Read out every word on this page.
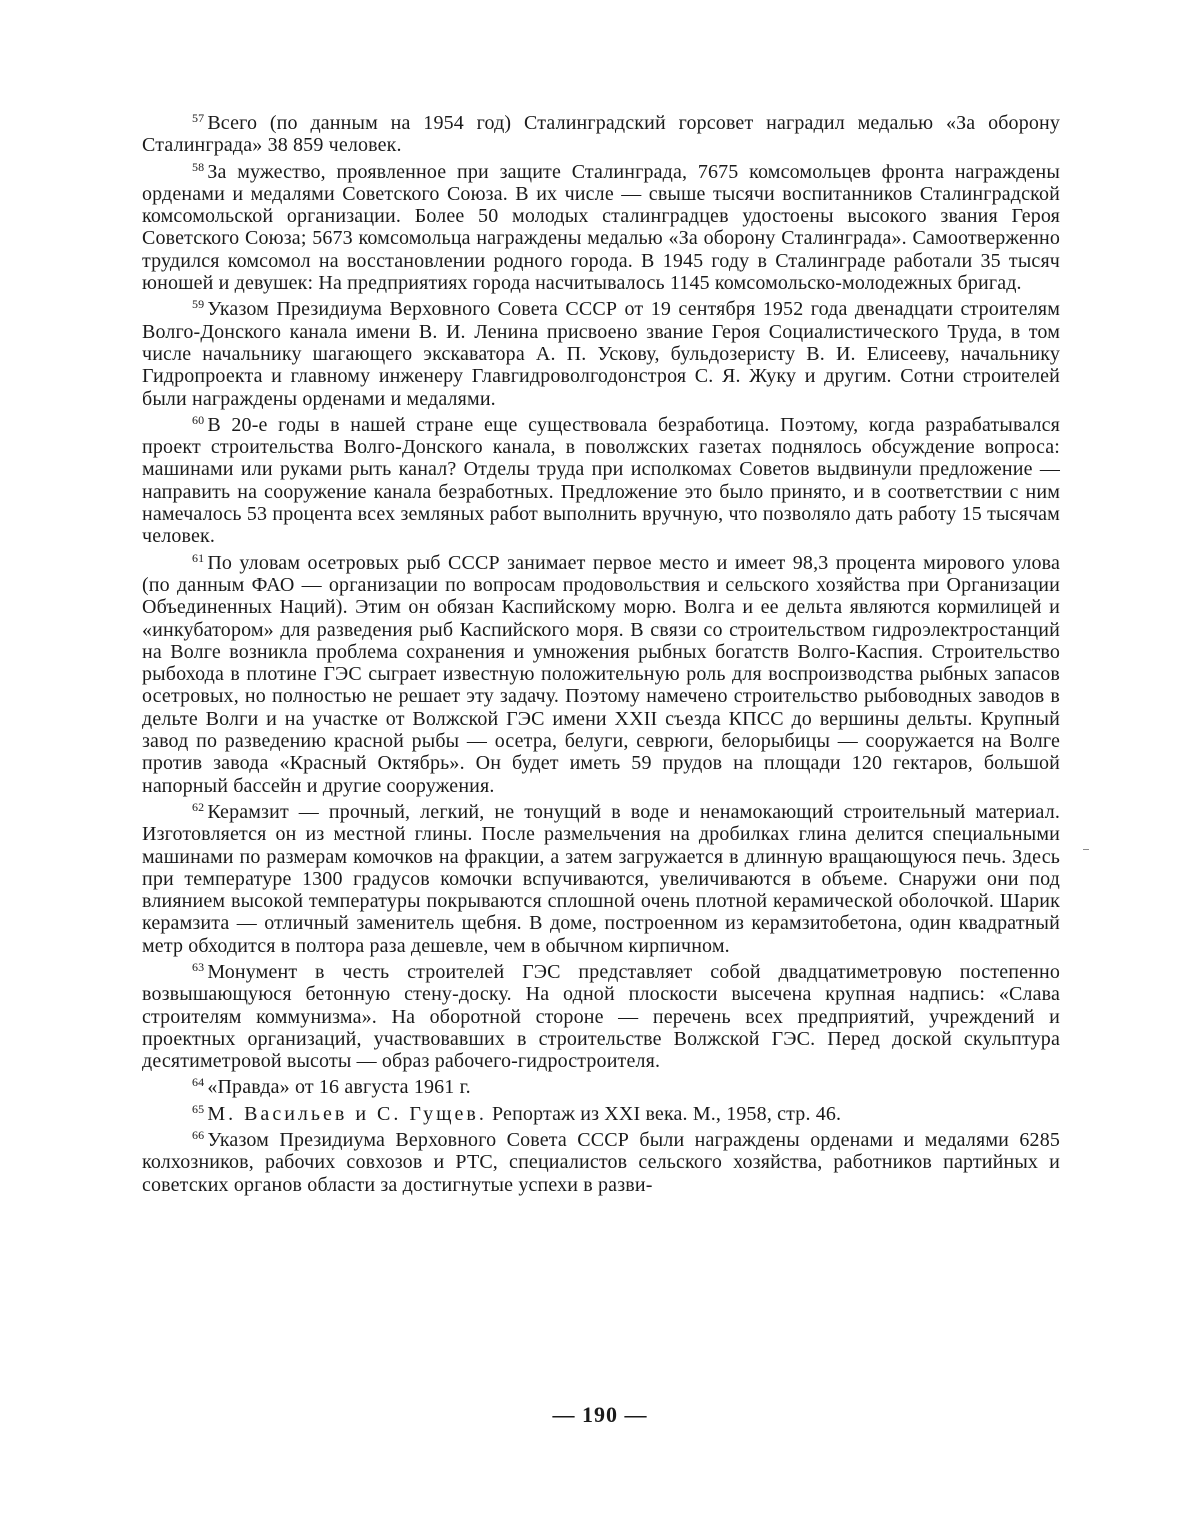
$^{57}$ Всего (по данным на 1954 год) Сталинградский горсовет наградил медалью «За оборону Сталинграда» 38 859 человек.

$^{58}$ За мужество, проявленное при защите Сталинграда, 7675 комсомольцев фронта награждены орденами и медалями Советского Союза. В их числе — свыше тысячи воспитанников Сталинградской комсомольской организации. Более 50 молодых сталинградцев удостоены высокого звания Героя Советского Союза; 5673 комсомольца награждены медалью «За оборону Сталинграда». Самоотверженно трудился комсомол на восстановлении родного города. В 1945 году в Сталинграде работали 35 тысяч юношей и девушек: На предприятиях города насчитывалось 1145 комсомольско-молодежных бригад.

$^{59}$ Указом Президиума Верховного Совета СССР от 19 сентября 1952 года двенадцати строителям Волго-Донского канала имени В. И. Ленина присвоено звание Героя Социалистического Труда, в том числе начальнику шагающего экскаватора А. П. Ускову, бульдозеристу В. И. Елисееву, начальнику Гидропроекта и главному инженеру Главгидроволгодонстроя С. Я. Жуку и другим. Сотни строителей были награждены орденами и медалями.

$^{60}$ В 20-е годы в нашей стране еще существовала безработица. Поэтому, когда разрабатывался проект строительства Волго-Донского канала, в поволжских газетах поднялось обсуждение вопроса: машинами или руками рыть канал? Отделы труда при исполкомах Советов выдвинули предложение — направить на сооружение канала безработных. Предложение это было принято, и в соответствии с ним намечалось 53 процента всех земляных работ выполнить вручную, что позволяло дать работу 15 тысячам человек.

$^{61}$ По уловам осетровых рыб СССР занимает первое место и имеет 98,3 процента мирового улова (по данным ФАО — организации по вопросам продовольствия и сельского хозяйства при Организации Объединенных Наций). Этим он обязан Каспийскому морю. Волга и ее дельта являются кормилицей и «инкубатором» для разведения рыб Каспийского моря. В связи со строительством гидроэлектростанций на Волге возникла проблема сохранения и умножения рыбных богатств Волго-Каспия. Строительство рыбохода в плотине ГЭС сыграет известную положительную роль для воспроизводства рыбных запасов осетровых, но полностью не решает эту задачу. Поэтому намечено строительство рыбоводных заводов в дельте Волги и на участке от Волжской ГЭС имени XXII съезда КПСС до вершины дельты. Крупный завод по разведению красной рыбы — осетра, белуги, севрюги, белорыбицы — сооружается на Волге против завода «Красный Октябрь». Он будет иметь 59 прудов на площади 120 гектаров, большой напорный бассейн и другие сооружения.

$^{62}$ Керамзит — прочный, легкий, не тонущий в воде и ненамокающий строительный материал. Изготовляется он из местной глины. После размельчения на дробилках глина делится специальными машинами по размерам комочков на фракции, а затем загружается в длинную вращающуюся печь. Здесь при температуре 1300 градусов комочки вспучиваются, увеличиваются в объеме. Снаружи они под влиянием высокой температуры покрываются сплошной очень плотной керамической оболочкой. Шарик керамзита — отличный заменитель щебня. В доме, построенном из керамзитобетона, один квадратный метр обходится в полтора раза дешевле, чем в обычном кирпичном.

$^{63}$ Монумент в честь строителей ГЭС представляет собой двадцатиметровую постепенно возвышающуюся бетонную стену-доску. На одной плоскости высечена крупная надпись: «Слава строителям коммунизма». На оборотной стороне — перечень всех предприятий, учреждений и проектных организаций, участвовавших в строительстве Волжской ГЭС. Перед доской скульптура десятиметровой высоты — образ рабочего-гидростроителя.

$^{64}$ «Правда» от 16 августа 1961 г.

$^{65}$ М. Васильев и С. Гущев. Репортаж из XXI века. М., 1958, стр. 46.

$^{66}$ Указом Президиума Верховного Совета СССР были награждены орденами и медалями 6285 колхозников, рабочих совхозов и РТС, специалистов сельского хозяйства, работников партийных и советских органов области за достигнутые успехи в разви-

— 190 —
